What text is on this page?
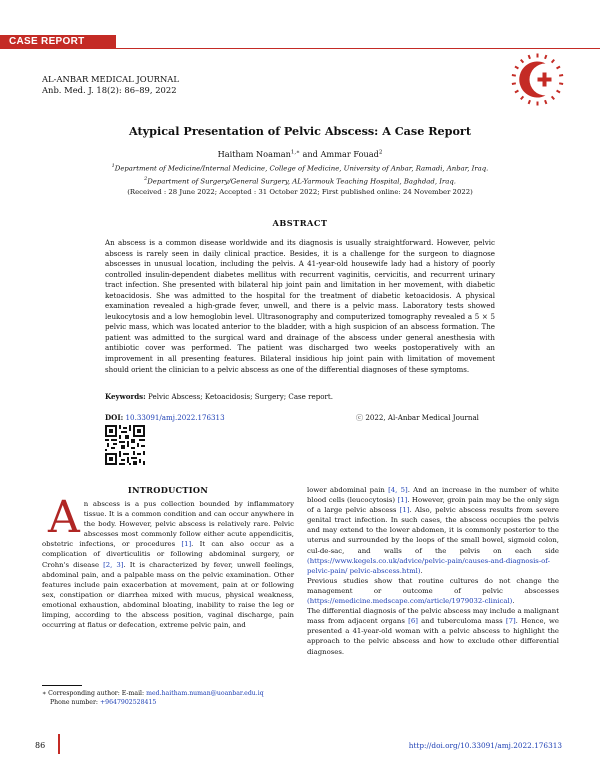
CASE REPORT
AL-ANBAR MEDICAL JOURNAL
Anb. Med. J. 18(2): 86–89, 2022
Atypical Presentation of Pelvic Abscess: A Case Report
Haitham Noaman$^{1,∗}$ and Ammar Fouad$^2$
$^1$Department of Medicine/Internal Medicine, College of Medicine, University of Anbar, Ramadi, Anbar, Iraq.
$^2$Department of Surgery/General Surgery, AL-Yarmouk Teaching Hospital, Baghdad, Iraq.
(Received : 28 June 2022; Accepted : 31 October 2022; First published online: 24 November 2022)
ABSTRACT
An abscess is a common disease worldwide and its diagnosis is usually straightforward. However, pelvic abscess is rarely seen in daily clinical practice. Besides, it is a challenge for the surgeon to diagnose abscesses in unusual location, including the pelvis. A 41-year-old housewife lady had a history of poorly controlled insulin-dependent diabetes mellitus with recurrent vaginitis, cervicitis, and recurrent urinary tract infection. She presented with bilateral hip joint pain and limitation in her movement, with diabetic ketoacidosis. She was admitted to the hospital for the treatment of diabetic ketoacidosis. A physical examination revealed a high-grade fever, unwell, and there is a pelvic mass. Laboratory tests showed leukocytosis and a low hemoglobin level. Ultrasonography and computerized tomography revealed a 5 × 5 pelvic mass, which was located anterior to the bladder, with a high suspicion of an abscess formation. The patient was admitted to the surgical ward and drainage of the abscess under general anesthesia with antibiotic cover was performed. The patient was discharged two weeks postoperatively with an improvement in all presenting features. Bilateral insidious hip joint pain with limitation of movement should orient the clinician to a pelvic abscess as one of the differential diagnoses of these symptoms.
Keywords: Pelvic Abscess; Ketoacidosis; Surgery; Case report.
DOI: 10.33091/amj.2022.176313	ⓒ 2022, Al-Anbar Medical Journal
INTRODUCTION

An abscess is a pus collection bounded by inflammatory tissue. It is a common condition and can occur anywhere in the body. However, pelvic abscess is relatively rare. Pelvic abscesses most commonly follow either acute appendicitis, obstetric infections, or procedures [1]. It can also occur as a complication of diverticulitis or following abdominal surgery, or Crohn's disease [2, 3]. It is characterized by fever, unwell feelings, abdominal pain, and a palpable mass on the pelvic examination. Other features include pain exacerbation at movement, pain at or following sex, constipation or diarrhea mixed with mucus, physical weakness, emotional exhaustion, abdominal bloating, inability to raise the leg or limping, according to the abscess position, vaginal discharge, pain occurring at flatus or defecation, extreme pelvic pain, and

lower abdominal pain [4, 5]. And an increase in the number of white blood cells (leucocytosis) [1]. However, groin pain may be the only sign of a large pelvic abscess [1]. Also, pelvic abscess results from severe genital tract infection. In such cases, the abscess occupies the pelvis and may extend to the lower abdomen, it is commonly posterior to the uterus and surrounded by the loops of the small bowel, sigmoid colon, cul-de-sac, and walls of the pelvis on each side (https://www.kegels.co.uk/advice/pelvic-pain/causes-and-diagnosis-of-pelvic-pain/ pelvic-abscess.html).

Previous studies show that routine cultures do not change the management or outcome of pelvic abscesses (https://emedicine.medscape.com/article/1979032-clinical).

The differential diagnosis of the pelvic abscess may include a malignant mass from adjacent organs [6] and tuberculoma mass [7]. Hence, we presented a 41-year-old woman with a pelvic abscess to highlight the approach to the pelvic abscess and how to exclude other differential diagnoses.

∗ Corresponding author: E-mail: med.haitham.numan@uoanbar.edu.iq
Phone number: +9647902528415
86	http://doi.org/10.33091/amj.2022.176313
